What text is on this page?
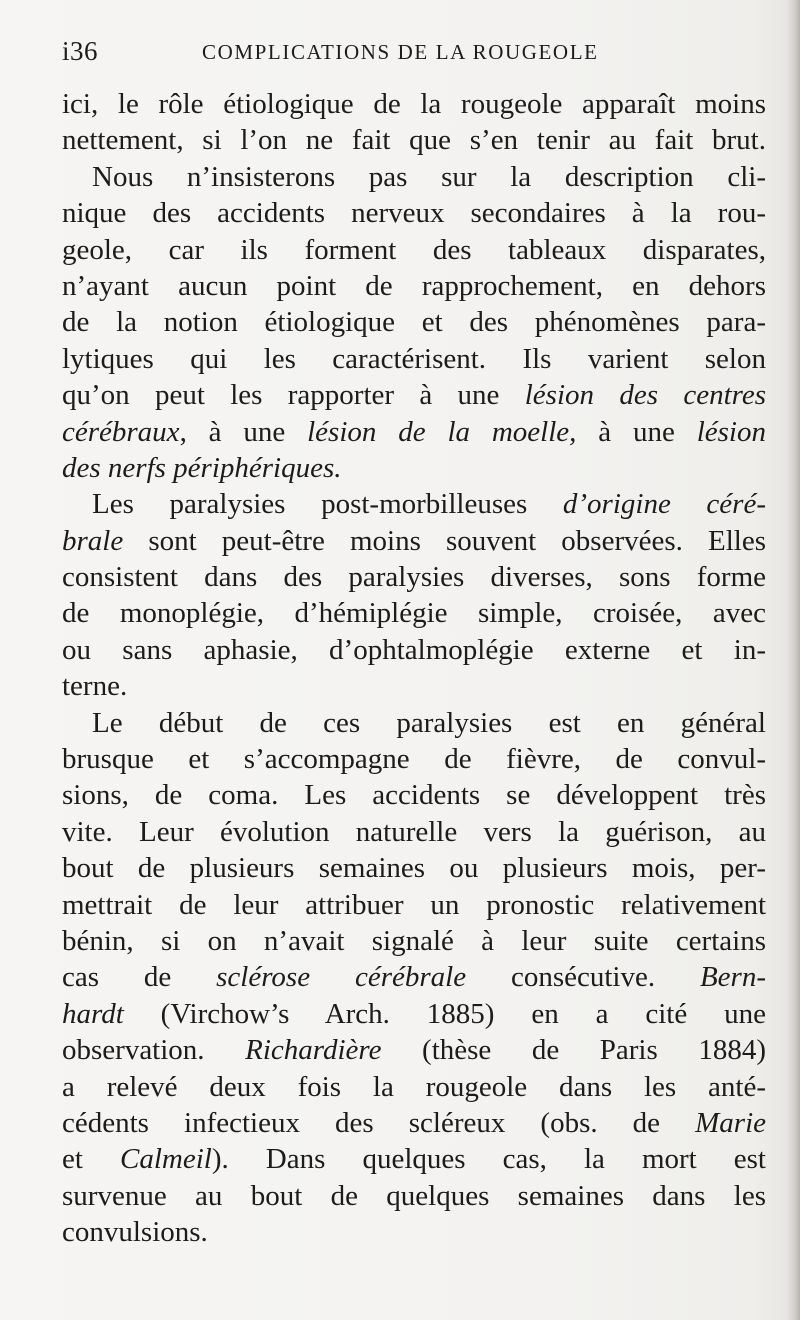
i36	COMPLICATIONS DE LA ROUGEOLE
ici, le rôle étiologique de la rougeole apparaît moins
nettement, si l’on ne fait que s’en tenir au fait brut.
Nous n’insisterons pas sur la description cli-
nique des accidents nerveux secondaires à la rou-
geole, car ils forment des tableaux disparates,
n’ayant aucun point de rapprochement, en dehors
de la notion étiologique et des phénomènes para-
lytiques qui les caractérisent. Ils varient selon
qu’on peut les rapporter à une lésion des centres
cérébraux, à une lésion de la moelle, à une lésion
des nerfs périphériques.
Les paralysies post-morbilleuses d’origine céré-
brale sont peut-être moins souvent observées. Elles
consistent dans des paralysies diverses, sons forme
de monoplégie, d’hémiplégie simple, croisée, avec
ou sans aphasie, d’ophtalmoplégie externe et in-
terne.
Le début de ces paralysies est en général
brusque et s’accompagne de fièvre, de convul-
sions, de coma. Les accidents se développent très
vite. Leur évolution naturelle vers la guérison, au
bout de plusieurs semaines ou plusieurs mois, per-
mettrait de leur attribuer un pronostic relativement
bénin, si on n’avait signalé à leur suite certains
cas de sclérose cérébrale consécutive. Bern-
hardt (Virchow’s Arch. 1885) en a cité une
observation. Richardière (thèse de Paris 1884)
a relevé deux fois la rougeole dans les anté-
cédents infectieux des scléreux (obs. de Marie
et Calmeil). Dans quelques cas, la mort est
survenue au bout de quelques semaines dans les
convulsions.
